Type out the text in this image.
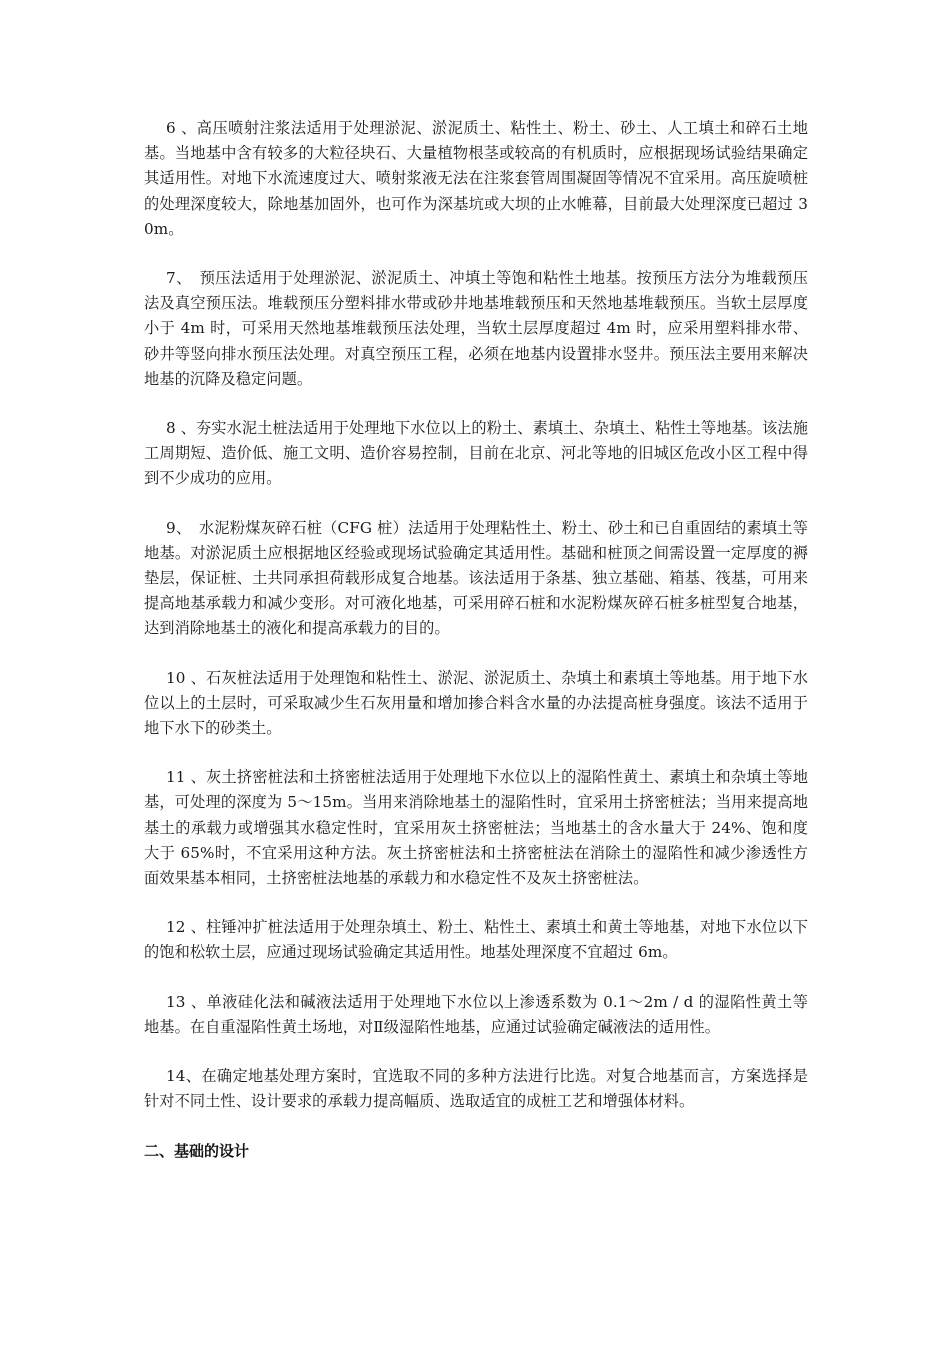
6 、高压喷射注浆法适用于处理淤泥、淤泥质土、粘性土、粉土、砂土、人工填土和碎石土地基。当地基中含有较多的大粒径块石、大量植物根茎或较高的有机质时，应根据现场试验结果确定其适用性。对地下水流速度过大、喷射浆液无法在注浆套管周围凝固等情况不宜采用。高压旋喷桩的处理深度较大，除地基加固外，也可作为深基坑或大坝的止水帷幕，目前最大处理深度已超过 30m。

7、　预压法适用于处理淤泥、淤泥质土、冲填土等饱和粘性土地基。按预压方法分为堆载预压法及真空预压法。堆载预压分塑料排水带或砂井地基堆载预压和天然地基堆载预压。当软土层厚度小于 4m 时，可采用天然地基堆载预压法处理，当软土层厚度超过 4m 时，应采用塑料排水带、砂井等竖向排水预压法处理。对真空预压工程，必须在地基内设置排水竖井。预压法主要用来解决地基的沉降及稳定问题。

8 、夯实水泥土桩法适用于处理地下水位以上的粉土、素填土、杂填土、粘性土等地基。该法施工周期短、造价低、施工文明、造价容易控制，目前在北京、河北等地的旧城区危改小区工程中得到不少成功的应用。

9、　水泥粉煤灰碎石桩（CFG 桩）法适用于处理粘性土、粉土、砂土和已自重固结的素填土等地基。对淤泥质土应根据地区经验或现场试验确定其适用性。基础和桩顶之间需设置一定厚度的褥垫层，保证桩、土共同承担荷载形成复合地基。该法适用于条基、独立基础、箱基、筏基，可用来提高地基承载力和减少变形。对可液化地基，可采用碎石桩和水泥粉煤灰碎石桩多桩型复合地基，达到消除地基土的液化和提高承载力的目的。

10 、石灰桩法适用于处理饱和粘性土、淤泥、淤泥质土、杂填土和素填土等地基。用于地下水位以上的土层时，可采取减少生石灰用量和增加掺合料含水量的办法提高桩身强度。该法不适用于地下水下的砂类土。

11 、灰土挤密桩法和土挤密桩法适用于处理地下水位以上的湿陷性黄土、素填土和杂填土等地基，可处理的深度为 5～15m。当用来消除地基土的湿陷性时，宜采用土挤密桩法；当用来提高地基土的承载力或增强其水稳定性时，宜采用灰土挤密桩法；当地基土的含水量大于 24%、饱和度大于 65%时，不宜采用这种方法。灰土挤密桩法和土挤密桩法在消除土的湿陷性和减少渗透性方面效果基本相同，土挤密桩法地基的承载力和水稳定性不及灰土挤密桩法。

12 、柱锤冲扩桩法适用于处理杂填土、粉土、粘性土、素填土和黄土等地基，对地下水位以下的饱和松软土层，应通过现场试验确定其适用性。地基处理深度不宜超过 6m。

13 、单液硅化法和碱液法适用于处理地下水位以上渗透系数为 0.1～2m / d 的湿陷性黄土等地基。在自重湿陷性黄土场地，对Ⅱ级湿陷性地基，应通过试验确定碱液法的适用性。

14、在确定地基处理方案时，宜选取不同的多种方法进行比选。对复合地基而言，方案选择是针对不同土性、设计要求的承载力提高幅质、选取适宜的成桩工艺和增强体材料。

二、基础的设计
